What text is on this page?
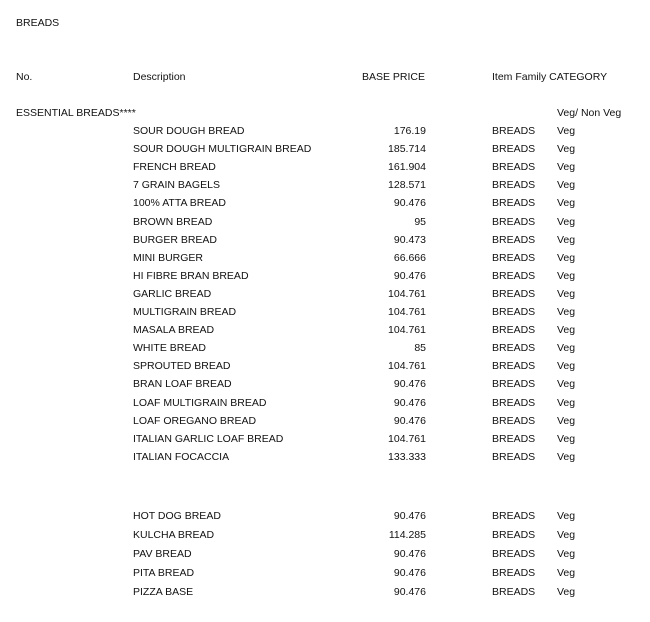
BREADS
No.	Description	BASE PRICE	Item Family CATEGORY
ESSENTIAL BREADS****	Veg/ Non Veg
SOUR DOUGH BREAD	176.19	BREADS Veg
SOUR DOUGH MULTIGRAIN BREAD	185.714	BREADS Veg
FRENCH BREAD	161.904	BREADS Veg
7 GRAIN BAGELS	128.571	BREADS Veg
100% ATTA BREAD	90.476	BREADS Veg
BROWN BREAD	95	BREADS Veg
BURGER BREAD	90.473	BREADS Veg
MINI BURGER	66.666	BREADS Veg
HI FIBRE BRAN BREAD	90.476	BREADS Veg
GARLIC BREAD	104.761	BREADS Veg
MULTIGRAIN BREAD	104.761	BREADS Veg
MASALA BREAD	104.761	BREADS Veg
WHITE BREAD	85	BREADS Veg
SPROUTED BREAD	104.761	BREADS Veg
BRAN LOAF BREAD	90.476	BREADS Veg
LOAF MULTIGRAIN BREAD	90.476	BREADS Veg
LOAF OREGANO BREAD	90.476	BREADS Veg
ITALIAN GARLIC LOAF BREAD	104.761	BREADS Veg
ITALIAN FOCACCIA	133.333	BREADS Veg
HOT DOG BREAD	90.476	BREADS Veg
KULCHA BREAD	114.285	BREADS Veg
PAV BREAD	90.476	BREADS Veg
PITA BREAD	90.476	BREADS Veg
PIZZA BASE	90.476	BREADS Veg
